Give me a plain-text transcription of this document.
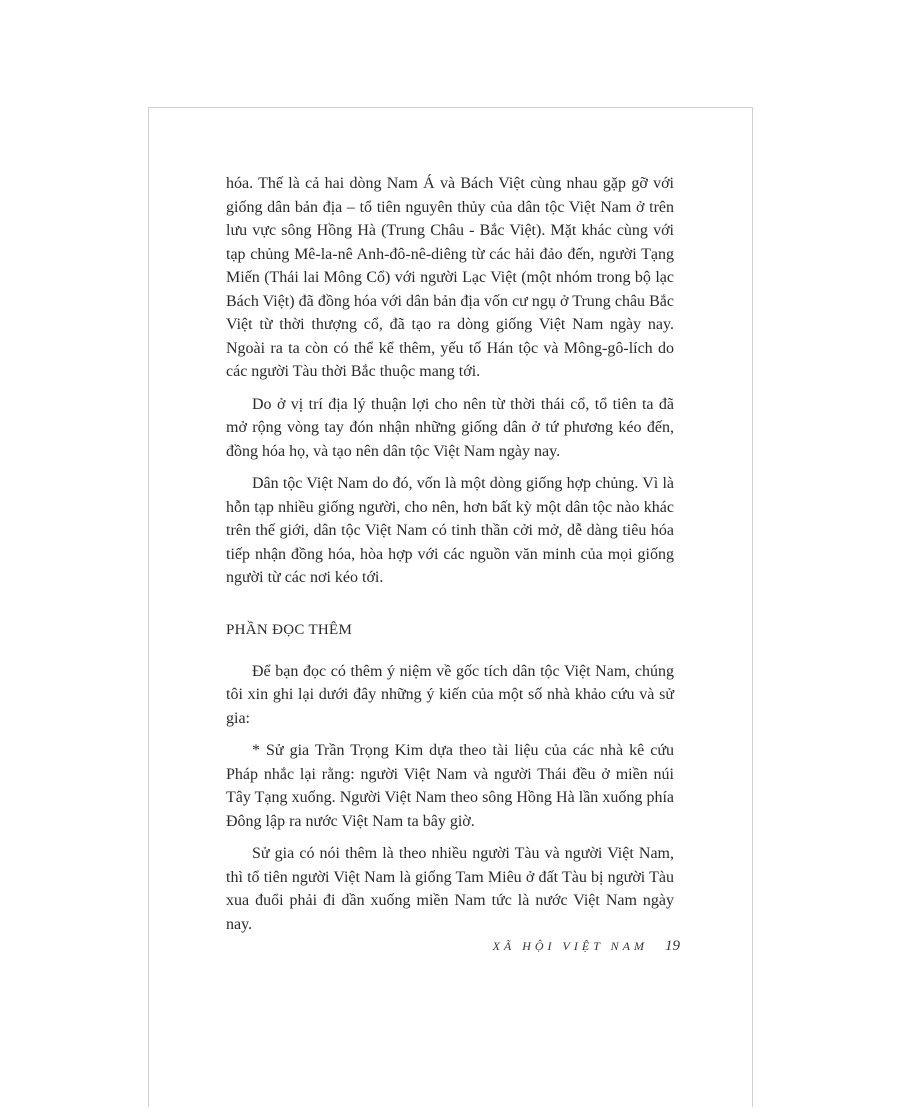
hóa. Thế là cả hai dòng Nam Á và Bách Việt cùng nhau gặp gỡ với giống dân bản địa – tổ tiên nguyên thủy của dân tộc Việt Nam ở trên lưu vực sông Hồng Hà (Trung Châu - Bắc Việt). Mặt khác cùng với tạp chủng Mê-la-nê Anh-đô-nê-diêng từ các hải đảo đến, người Tạng Miến (Thái lai Mông Cổ) với người Lạc Việt (một nhóm trong bộ lạc Bách Việt) đã đồng hóa với dân bản địa vốn cư ngụ ở Trung châu Bắc Việt từ thời thượng cổ, đã tạo ra dòng giống Việt Nam ngày nay. Ngoài ra ta còn có thể kể thêm, yếu tố Hán tộc và Mông-gô-lích do các người Tàu thời Bắc thuộc mang tới.

Do ở vị trí địa lý thuận lợi cho nên từ thời thái cổ, tổ tiên ta đã mở rộng vòng tay đón nhận những giống dân ở tứ phương kéo đến, đồng hóa họ, và tạo nên dân tộc Việt Nam ngày nay.

Dân tộc Việt Nam do đó, vốn là một dòng giống hợp chủng. Vì là hỗn tạp nhiều giống người, cho nên, hơn bất kỳ một dân tộc nào khác trên thế giới, dân tộc Việt Nam có tinh thần cởi mở, dễ dàng tiêu hóa tiếp nhận đồng hóa, hòa hợp với các nguồn văn minh của mọi giống người từ các nơi kéo tới.

PHẦN ĐỌC THÊM

Để bạn đọc có thêm ý niệm về gốc tích dân tộc Việt Nam, chúng tôi xin ghi lại dưới đây những ý kiến của một số nhà khảo cứu và sử gia:

* Sử gia Trần Trọng Kim dựa theo tài liệu của các nhà kê cứu Pháp nhắc lại rằng: người Việt Nam và người Thái đều ở miền núi Tây Tạng xuống. Người Việt Nam theo sông Hồng Hà lần xuống phía Đông lập ra nước Việt Nam ta bây giờ.

Sử gia có nói thêm là theo nhiều người Tàu và người Việt Nam, thì tổ tiên người Việt Nam là giống Tam Miêu ở đất Tàu bị người Tàu xua đuổi phải đi dần xuống miền Nam tức là nước Việt Nam ngày nay.

XÃ HỘI VIỆT NAM 19
